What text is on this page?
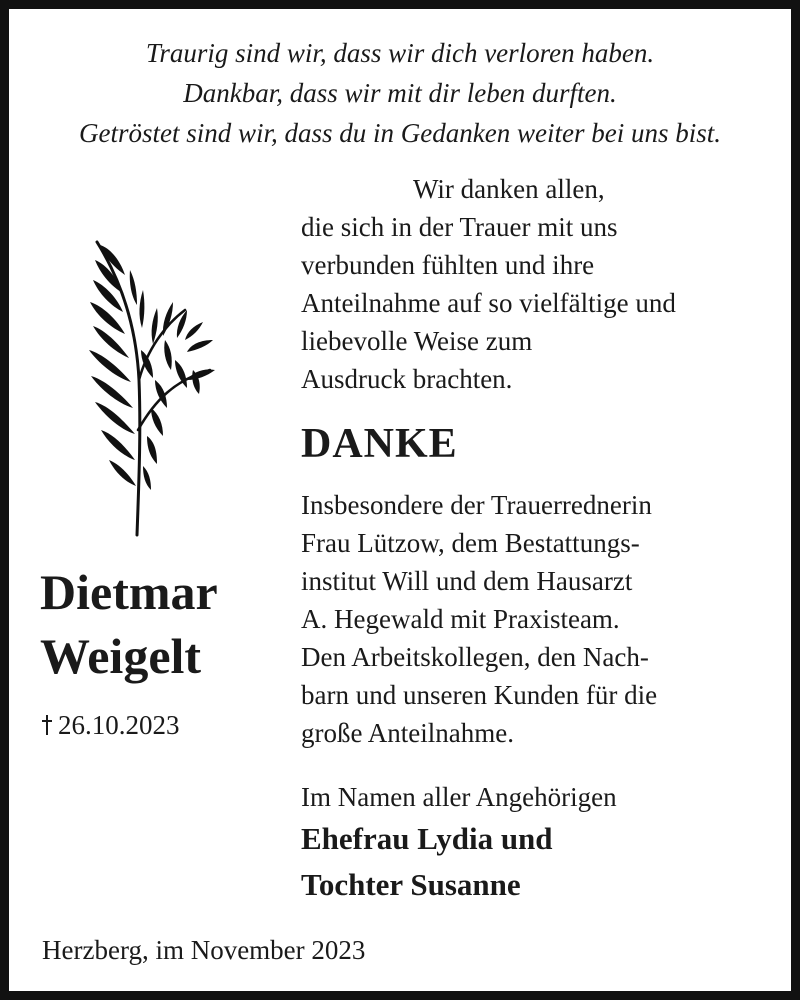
Traurig sind wir, dass wir dich verloren haben.
Dankbar, dass wir mit dir leben durften.
Getröstet sind wir, dass du in Gedanken weiter bei uns bist.
Wir danken allen,
die sich in der Trauer mit uns
verbunden fühlten und ihre
Anteilnahme auf so vielfältige und
liebevolle Weise zum
Ausdruck brachten.
DANKE
Insbesondere der Trauerrednerin
Frau Lützow, dem Bestattungs-
institut Will und dem Hausarzt
A. Hegewald mit Praxisteam.
Den Arbeitskollegen, den Nach-
barn und unseren Kunden für die
große Anteilnahme.
Im Namen aller Angehörigen
Ehefrau Lydia und
Tochter Susanne
Dietmar
Weigelt
26.10.2023
Herzberg, im November 2023
